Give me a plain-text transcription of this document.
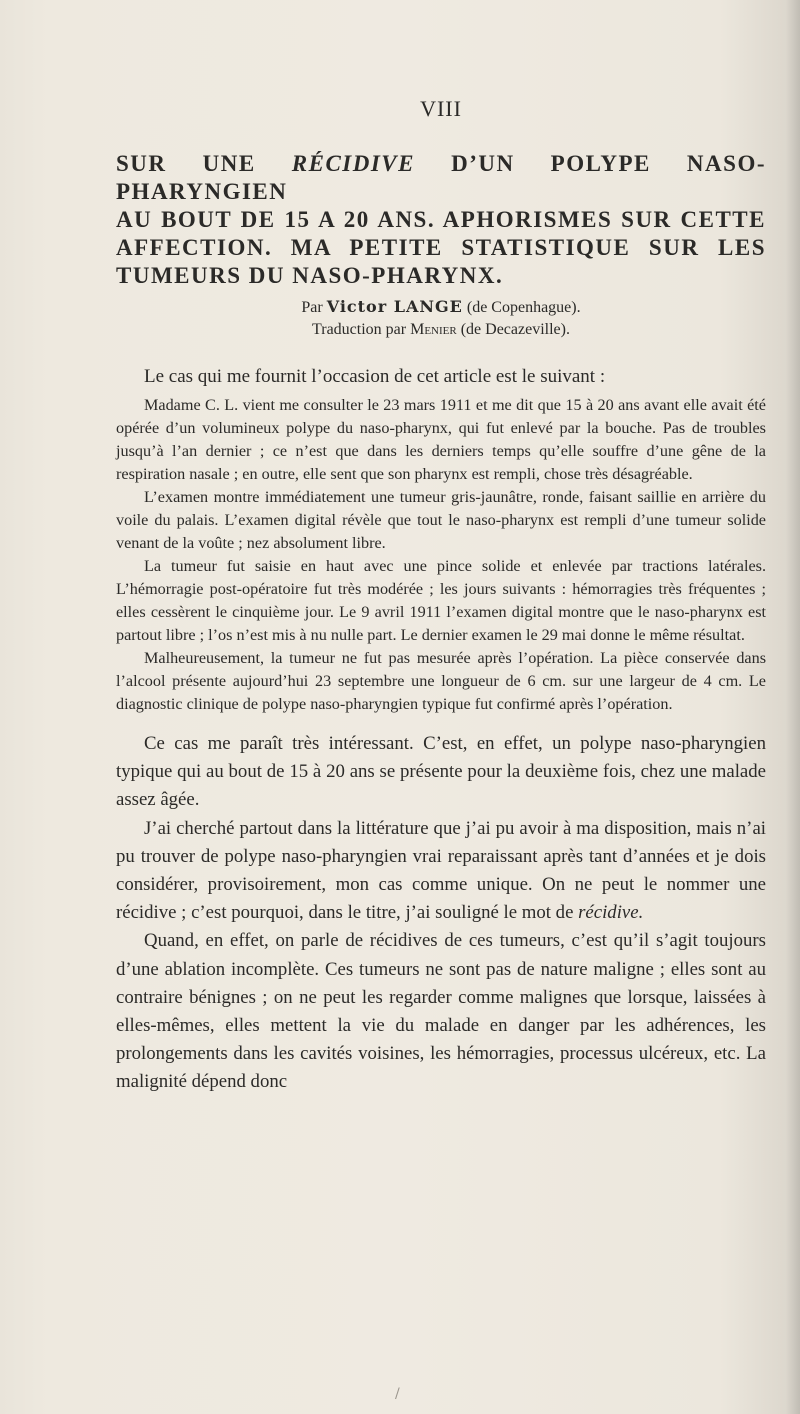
VIII
SUR UNE RÉCIDIVE D’UN POLYPE NASO-PHARYNGIEN
AU BOUT DE 15 A 20 ANS. APHORISMES SUR CETTE
AFFECTION. MA PETITE STATISTIQUE SUR LES
TUMEURS DU NASO-PHARYNX.
Par Victor LANGE (de Copenhague).
Traduction par Menier (de Decazeville).
Le cas qui me fournit l’occasion de cet article est le suivant :

Madame C. L. vient me consulter le 23 mars 1911 et me dit que 15 à 20 ans avant elle avait été opérée d’un volumineux polype du naso-pharynx, qui fut enlevé par la bouche. Pas de troubles jusqu’à l’an dernier ; ce n’est que dans les derniers temps qu’elle souffre d’une gêne de la respiration nasale ; en outre, elle sent que son pharynx est rempli, chose très désagréable.

L’examen montre immédiatement une tumeur gris-jaunâtre, ronde, faisant saillie en arrière du voile du palais. L’examen digital révèle que tout le naso-pharynx est rempli d’une tumeur solide venant de la voûte ; nez absolument libre.

La tumeur fut saisie en haut avec une pince solide et enlevée par tractions latérales. L’hémorragie post-opératoire fut très modérée ; les jours suivants : hémorragies très fréquentes ; elles cessèrent le cinquième jour. Le 9 avril 1911 l’examen digital montre que le naso-pharynx est partout libre ; l’os n’est mis à nu nulle part. Le dernier examen le 29 mai donne le même résultat.

Malheureusement, la tumeur ne fut pas mesurée après l’opération. La pièce conservée dans l’alcool présente aujourd’hui 23 septembre une longueur de 6 cm. sur une largeur de 4 cm. Le diagnostic clinique de polype naso-pharyngien typique fut confirmé après l’opération.

Ce cas me paraît très intéressant. C’est, en effet, un polype naso-pharyngien typique qui au bout de 15 à 20 ans se présente pour la deuxième fois, chez une malade assez âgée.

J’ai cherché partout dans la littérature que j’ai pu avoir à ma disposition, mais n’ai pu trouver de polype naso-pharyngien vrai reparaissant après tant d’années et je dois considérer, provisoirement, mon cas comme unique. On ne peut le nommer une récidive ; c’est pourquoi, dans le titre, j’ai souligné le mot de récidive.

Quand, en effet, on parle de récidives de ces tumeurs, c’est qu’il s’agit toujours d’une ablation incomplète. Ces tumeurs ne sont pas de nature maligne ; elles sont au contraire bénignes ; on ne peut les regarder comme malignes que lorsque, laissées à elles-mêmes, elles mettent la vie du malade en danger par les adhérences, les prolongements dans les cavités voisines, les hémorragies, processus ulcéreux, etc. La malignité dépend donc

/
